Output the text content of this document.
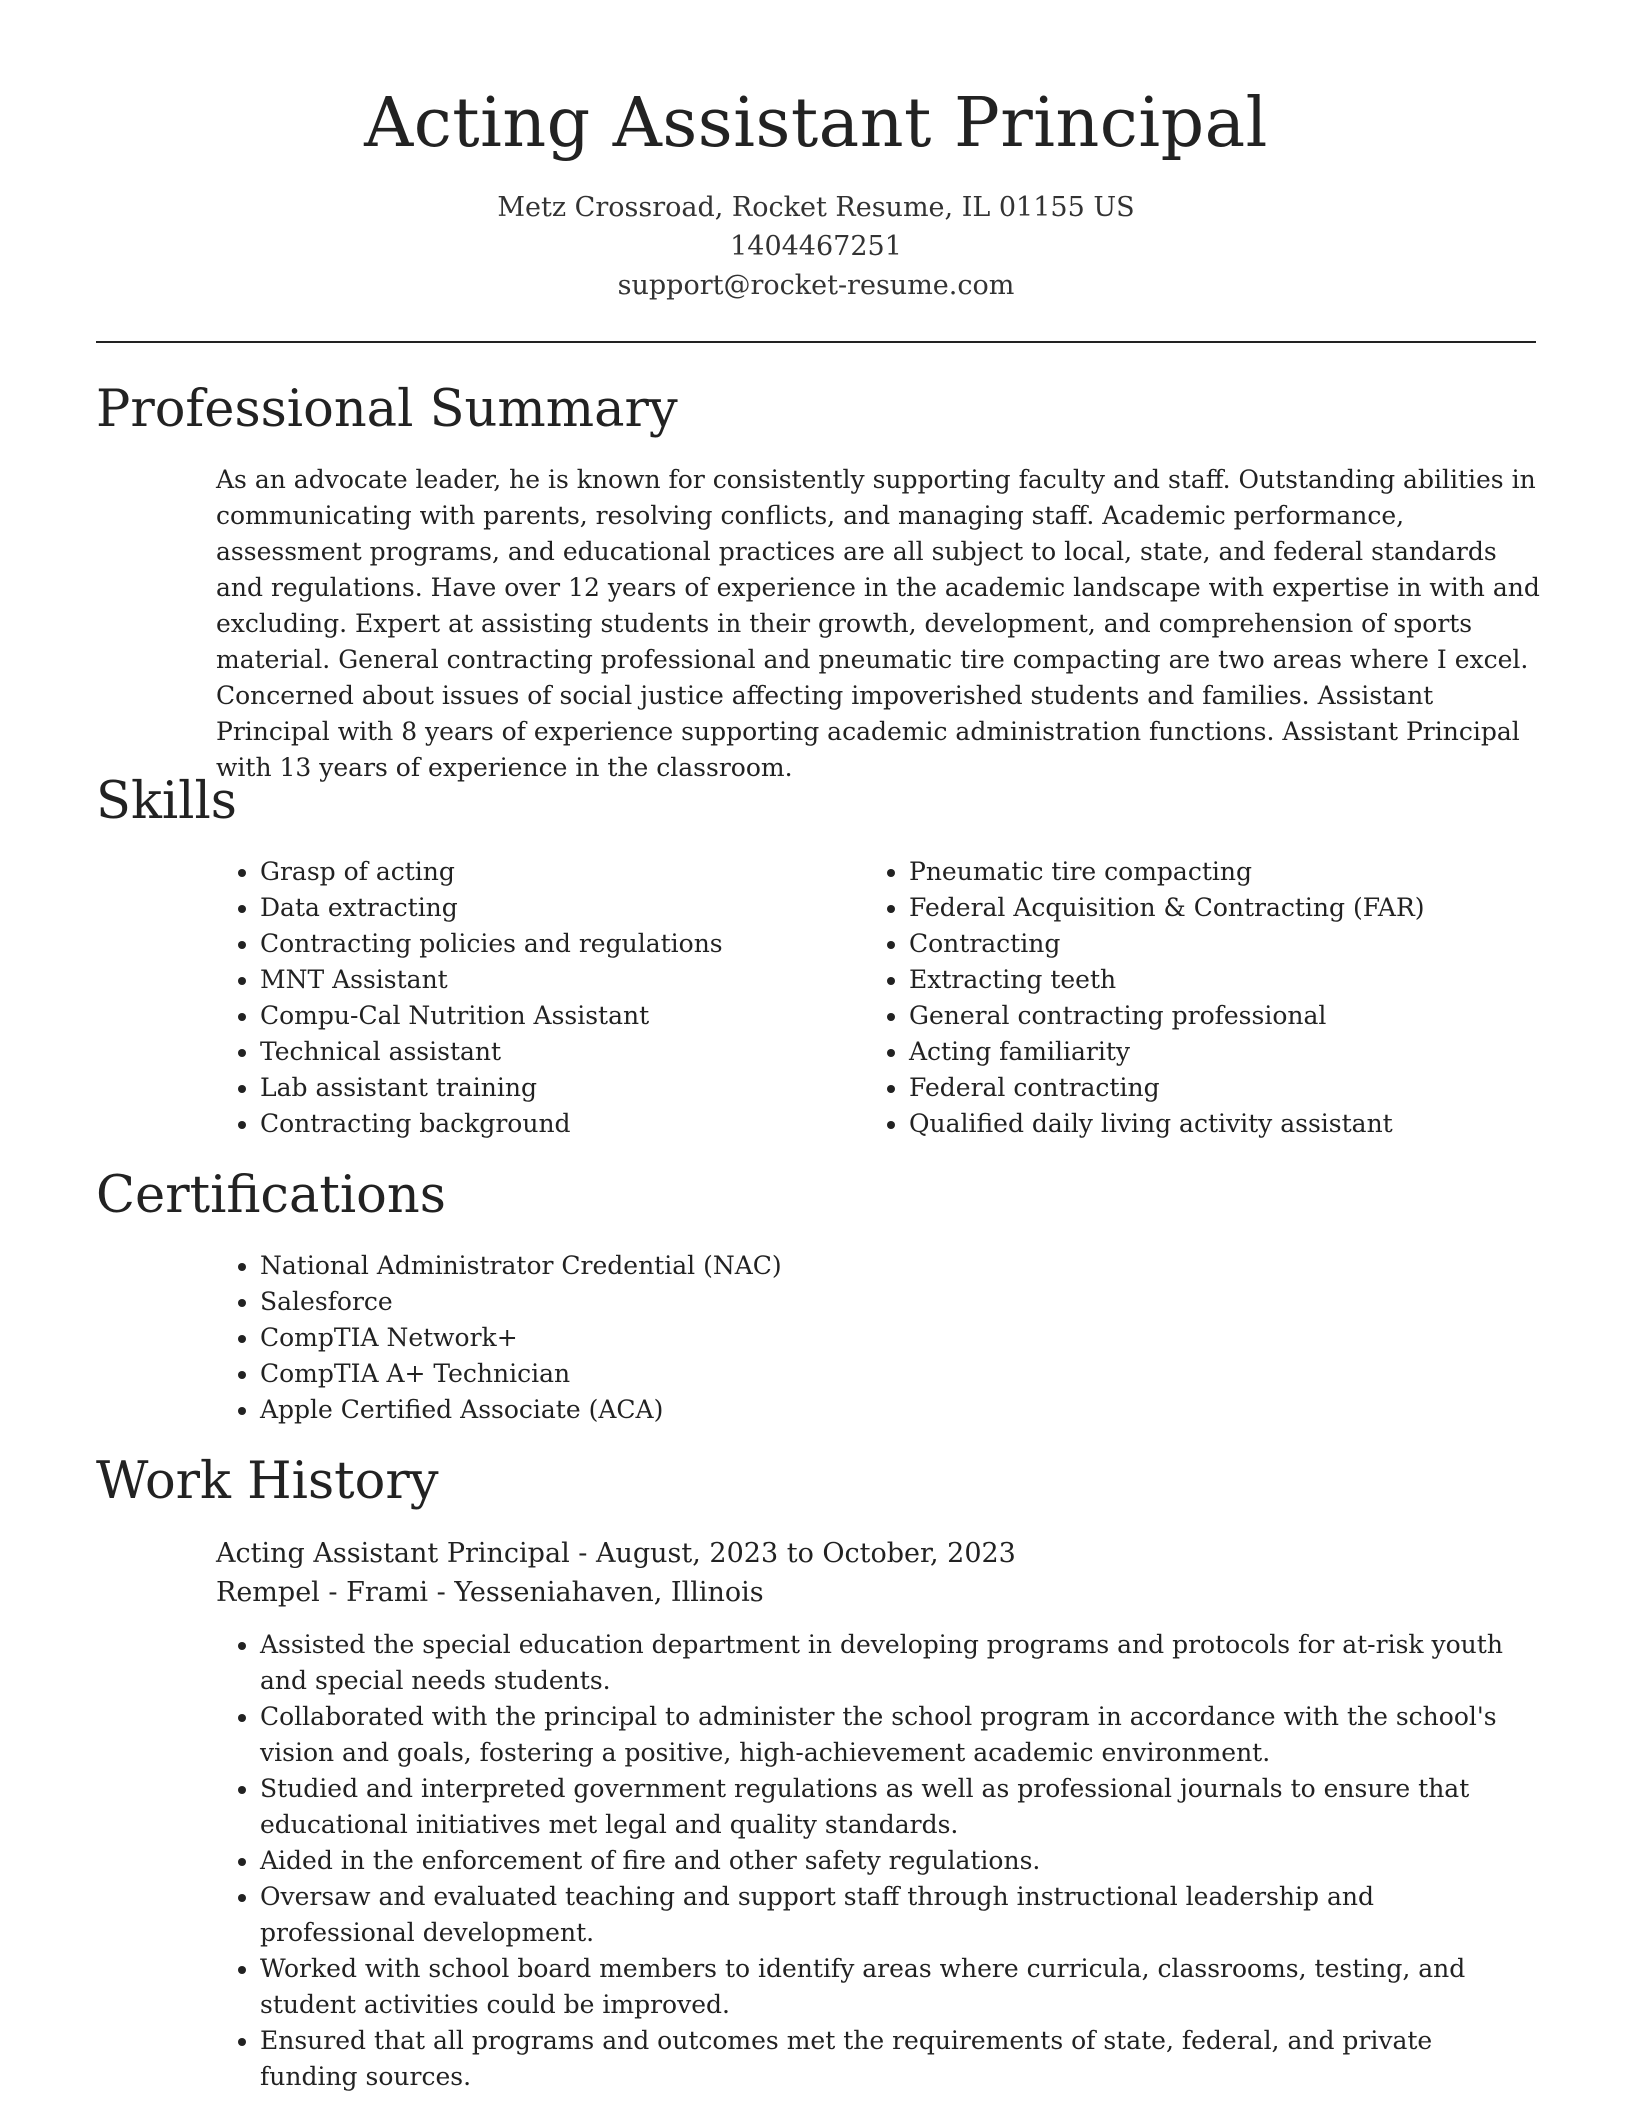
Acting Assistant Principal
Metz Crossroad, Rocket Resume, IL 01155 US
1404467251
support@rocket-resume.com
Professional Summary

As an advocate leader, he is known for consistently supporting faculty and staff. Outstanding abilities in communicating with parents, resolving conflicts, and managing staff. Academic performance, assessment programs, and educational practices are all subject to local, state, and federal standards and regulations. Have over 12 years of experience in the academic landscape with expertise in with and excluding. Expert at assisting students in their growth, development, and comprehension of sports material. General contracting professional and pneumatic tire compacting are two areas where I excel. Concerned about issues of social justice affecting impoverished students and families. Assistant Principal with 8 years of experience supporting academic administration functions. Assistant Principal with 13 years of experience in the classroom.

Skills
• Grasp of acting
• Data extracting
• Contracting policies and regulations
• MNT Assistant
• Compu-Cal Nutrition Assistant
• Technical assistant
• Lab assistant training
• Contracting background
• Pneumatic tire compacting
• Federal Acquisition & Contracting (FAR)
• Contracting
• Extracting teeth
• General contracting professional
• Acting familiarity
• Federal contracting
• Qualified daily living activity assistant
Certifications
• National Administrator Credential (NAC)
• Salesforce
• CompTIA Network+
• CompTIA A+ Technician
• Apple Certified Associate (ACA)
Work History
Acting Assistant Principal - August, 2023 to October, 2023
Rempel - Frami - Yesseniahaven, Illinois
• Assisted the special education department in developing programs and protocols for at-risk youth and special needs students.
• Collaborated with the principal to administer the school program in accordance with the school's vision and goals, fostering a positive, high-achievement academic environment.
• Studied and interpreted government regulations as well as professional journals to ensure that educational initiatives met legal and quality standards.
• Aided in the enforcement of fire and other safety regulations.
• Oversaw and evaluated teaching and support staff through instructional leadership and professional development.
• Worked with school board members to identify areas where curricula, classrooms, testing, and student activities could be improved.
• Ensured that all programs and outcomes met the requirements of state, federal, and private funding sources.
